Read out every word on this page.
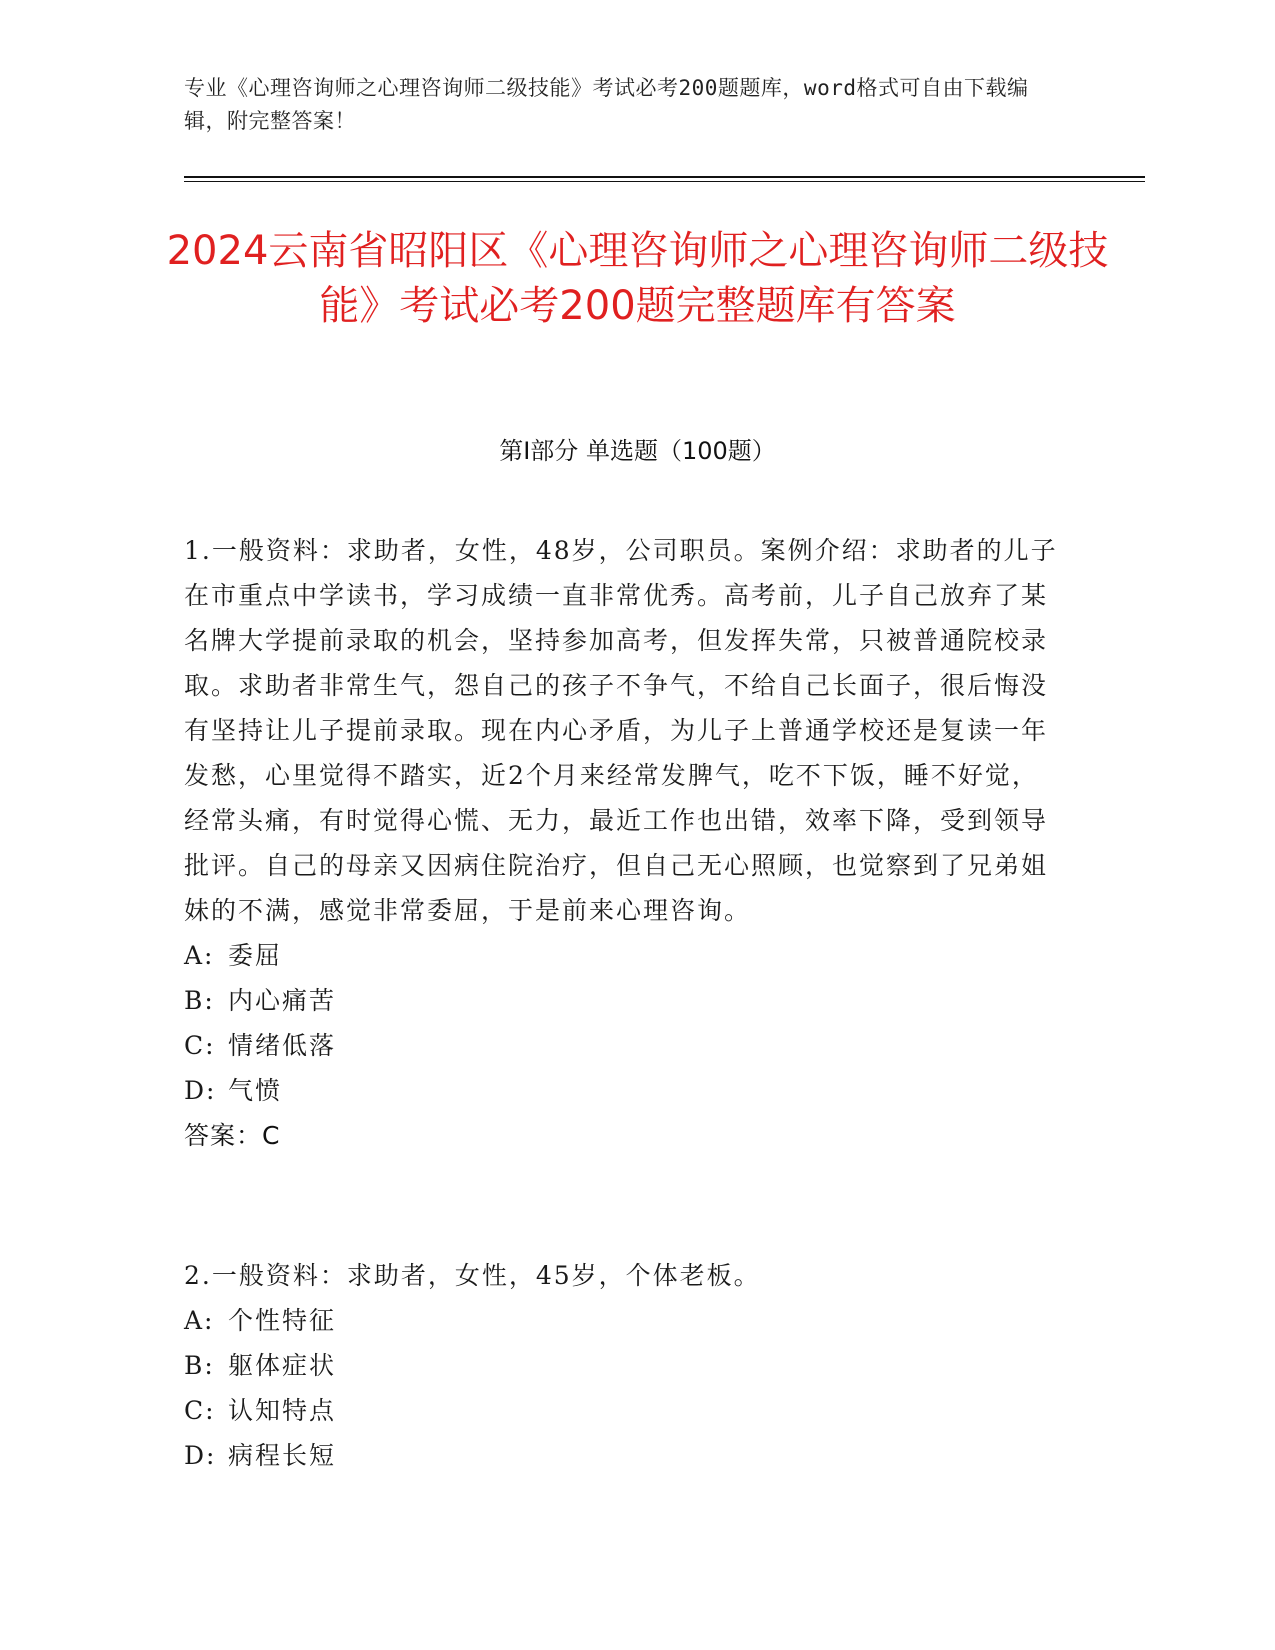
专业《心理咨询师之心理咨询师二级技能》考试必考200题题库，word格式可自由下载编辑，附完整答案！
2024云南省昭阳区《心理咨询师之心理咨询师二级技能》考试必考200题完整题库有答案
第Ⅰ部分 单选题（100题）

1.一般资料：求助者，女性，48岁，公司职员。案例介绍：求助者的儿子在市重点中学读书，学习成绩一直非常优秀。高考前，儿子自己放弃了某名牌大学提前录取的机会，坚持参加高考，但发挥失常，只被普通院校录取。求助者非常生气，怨自己的孩子不争气，不给自己长面子，很后悔没有坚持让儿子提前录取。现在内心矛盾，为儿子上普通学校还是复读一年发愁，心里觉得不踏实，近2个月来经常发脾气，吃不下饭，睡不好觉，经常头痛，有时觉得心慌、无力，最近工作也出错，效率下降，受到领导批评。自己的母亲又因病住院治疗，但自己无心照顾，也觉察到了兄弟姐妹的不满，感觉非常委屈，于是前来心理咨询。

A: 委屈
B: 内心痛苦
C: 情绪低落
D: 气愤
答案：C

2.一般资料：求助者，女性，45岁，个体老板。

A: 个性特征
B: 躯体症状
C: 认知特点
D: 病程长短
